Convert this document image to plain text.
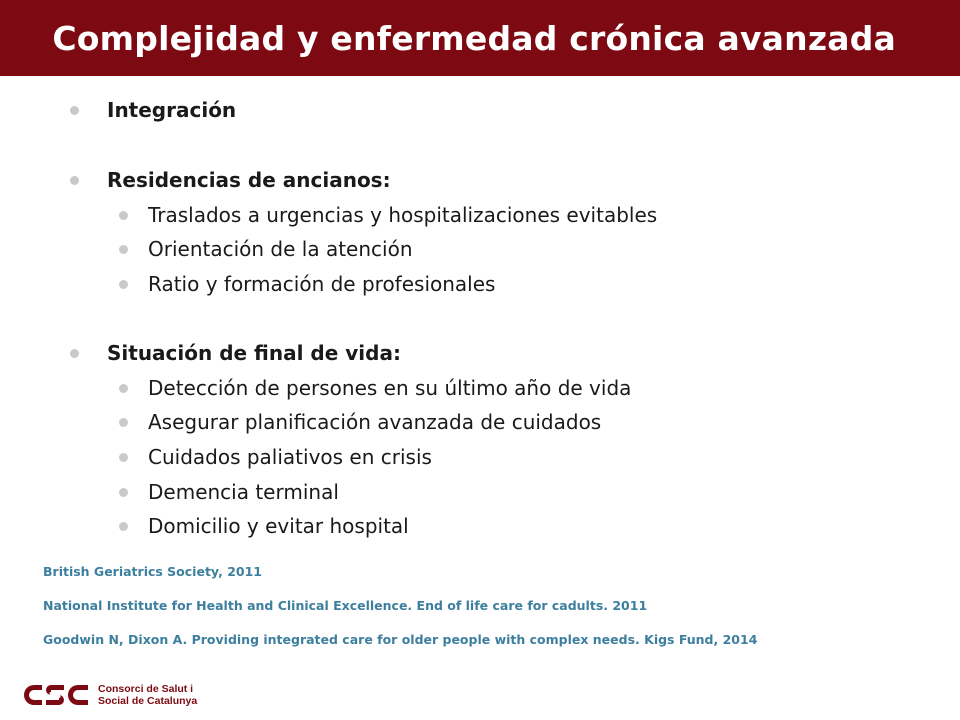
Complejidad y enfermedad crónica avanzada
Integración
Residencias de ancianos:
Traslados a urgencias y hospitalizaciones evitables
Orientación de la atención
Ratio y formación de profesionales
Situación de final de vida:
Detección de persones en su último año de vida
Asegurar planificación avanzada de cuidados
Cuidados paliativos en crisis
Demencia terminal
Domicilio y evitar hospital
British Geriatrics Society, 2011
National Institute for Health and Clinical Excellence. End of life care for cadults. 2011
Goodwin N, Dixon A. Providing integrated care for older people with complex needs. Kigs Fund, 2014
Consorci de Salut i
Social de Catalunya
